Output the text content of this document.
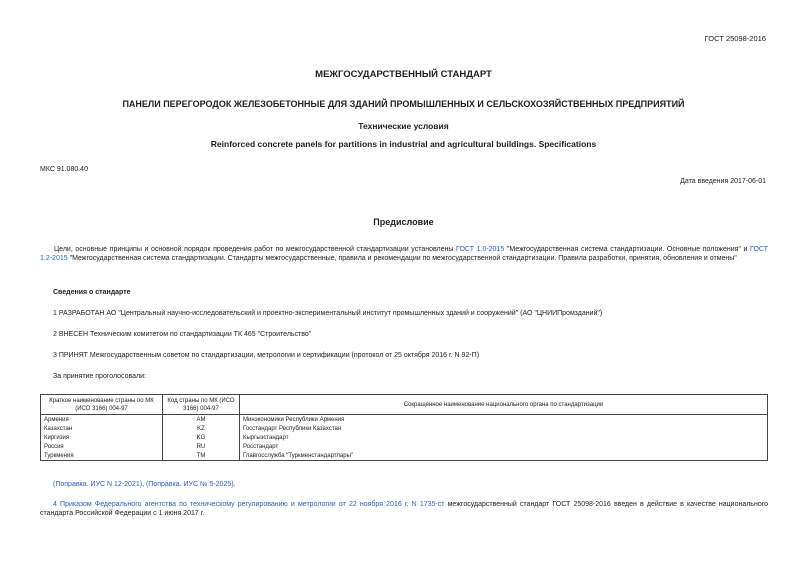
ГОСТ 25098-2016
МЕЖГОСУДАРСТВЕННЫЙ СТАНДАРТ
ПАНЕЛИ ПЕРЕГОРОДОК ЖЕЛЕЗОБЕТОННЫЕ ДЛЯ ЗДАНИЙ ПРОМЫШЛЕННЫХ И СЕЛЬСКОХОЗЯЙСТВЕННЫХ ПРЕДПРИЯТИЙ
Технические условия
Reinforced concrete panels for partitions in industrial and agricultural buildings. Specifications
МКС 91.080.40
Дата введения 2017-06-01
Предисловие
Цели, основные принципы и основной порядок проведения работ по межгосударственной стандартизации установлены ГОСТ 1.0-2015 "Межгосударственная система стандартизации. Основные положения" и ГОСТ 1.2-2015 "Межгосударственная система стандартизации. Стандарты межгосударственные, правила и рекомендации по межгосударственной стандартизации. Правила разработки, принятия, обновления и отмены"
Сведения о стандарте
1 РАЗРАБОТАН АО "Центральный научно-исследовательский и проектно-экспериментальный институт промышленных зданий и сооружений" (АО "ЦНИИПромзданий")
2 ВНЕСЕН Техническим комитетом по стандартизации ТК 465 "Строительство"
3 ПРИНЯТ Межгосударственным советом по стандартизации, метрологии и сертификации (протокол от 25 октября 2016 г. N 92-П)
За принятие проголосовали:
Краткое наименование страны по МК (ИСО 3166) 004-97	Код страны по МК (ИСО 3166) 004-97	Сокращенное наименование национального органа по стандартизации
Армения	AM	Минэкономики Республики Армения
Казахстан	KZ	Госстандарт Республики Казахстан
Киргизия	KG	Кыргызстандарт
Россия	RU	Росстандарт
Туркмения	TM	Главгосслужба "Туркменстандартлары"
(Поправка. ИУС N 12-2021), (Поправка. ИУС № 5-2025).
4 Приказом Федерального агентства по техническому регулированию и метрологии от 22 ноября 2016 г. N 1735-ст межгосударственный стандарт ГОСТ 25098-2016 введен в действие в качестве национального стандарта Российской Федерации с 1 июня 2017 г.
